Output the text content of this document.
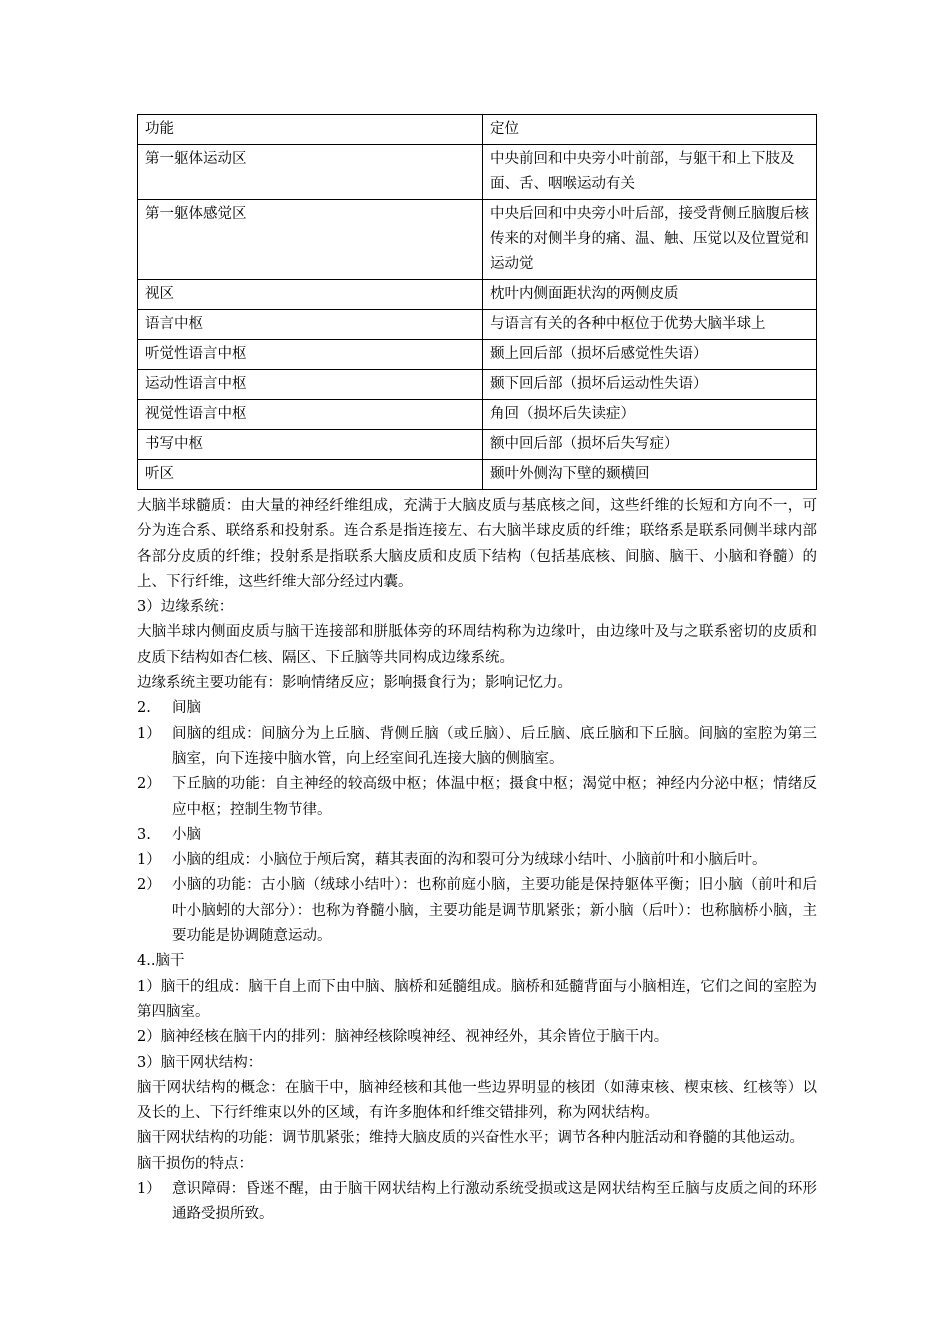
功能	定位
第一躯体运动区	中央前回和中央旁小叶前部，与躯干和上下肢及面、舌、咽喉运动有关
第一躯体感觉区	中央后回和中央旁小叶后部，接受背侧丘脑腹后核传来的对侧半身的痛、温、触、压觉以及位置觉和运动觉
视区	枕叶内侧面距状沟的两侧皮质
语言中枢	与语言有关的各种中枢位于优势大脑半球上
听觉性语言中枢	颞上回后部（损坏后感觉性失语）
运动性语言中枢	颞下回后部（损坏后运动性失语）
视觉性语言中枢	角回（损坏后失读症）
书写中枢	额中回后部（损坏后失写症）
听区	颞叶外侧沟下壁的颞横回

大脑半球髓质：由大量的神经纤维组成，充满于大脑皮质与基底核之间，这些纤维的长短和方向不一，可分为连合系、联络系和投射系。连合系是指连接左、右大脑半球皮质的纤维；联络系是联系同侧半球内部各部分皮质的纤维；投射系是指联系大脑皮质和皮质下结构（包括基底核、间脑、脑干、小脑和脊髓）的上、下行纤维，这些纤维大部分经过内囊。

3）边缘系统：

大脑半球内侧面皮质与脑干连接部和胼胝体旁的环周结构称为边缘叶，由边缘叶及与之联系密切的皮质和皮质下结构如杏仁核、隔区、下丘脑等共同构成边缘系统。

边缘系统主要功能有：影响情绪反应；影响摄食行为；影响记忆力。

2.	间脑
1） 间脑的组成：间脑分为上丘脑、背侧丘脑（或丘脑）、后丘脑、底丘脑和下丘脑。间脑的室腔为第三脑室，向下连接中脑水管，向上经室间孔连接大脑的侧脑室。
2） 下丘脑的功能：自主神经的较高级中枢；体温中枢；摄食中枢；渴觉中枢；神经内分泌中枢；情绪反应中枢；控制生物节律。
3.	小脑
1） 小脑的组成：小脑位于颅后窝，藉其表面的沟和裂可分为绒球小结叶、小脑前叶和小脑后叶。
2） 小脑的功能：古小脑（绒球小结叶）：也称前庭小脑，主要功能是保持躯体平衡；旧小脑（前叶和后叶小脑蚓的大部分）：也称为脊髓小脑，主要功能是调节肌紧张；新小脑（后叶）：也称脑桥小脑，主要功能是协调随意运动。

4..脑干

1）脑干的组成：脑干自上而下由中脑、脑桥和延髓组成。脑桥和延髓背面与小脑相连，它们之间的室腔为第四脑室。

2）脑神经核在脑干内的排列：脑神经核除嗅神经、视神经外，其余皆位于脑干内。

3）脑干网状结构：

脑干网状结构的概念：在脑干中，脑神经核和其他一些边界明显的核团（如薄束核、楔束核、红核等）以及长的上、下行纤维束以外的区域，有许多胞体和纤维交错排列，称为网状结构。

脑干网状结构的功能：调节肌紧张；维持大脑皮质的兴奋性水平；调节各种内脏活动和脊髓的其他运动。

脑干损伤的特点：

1） 意识障碍：昏迷不醒，由于脑干网状结构上行激动系统受损或这是网状结构至丘脑与皮质之间的环形通路受损所致。
